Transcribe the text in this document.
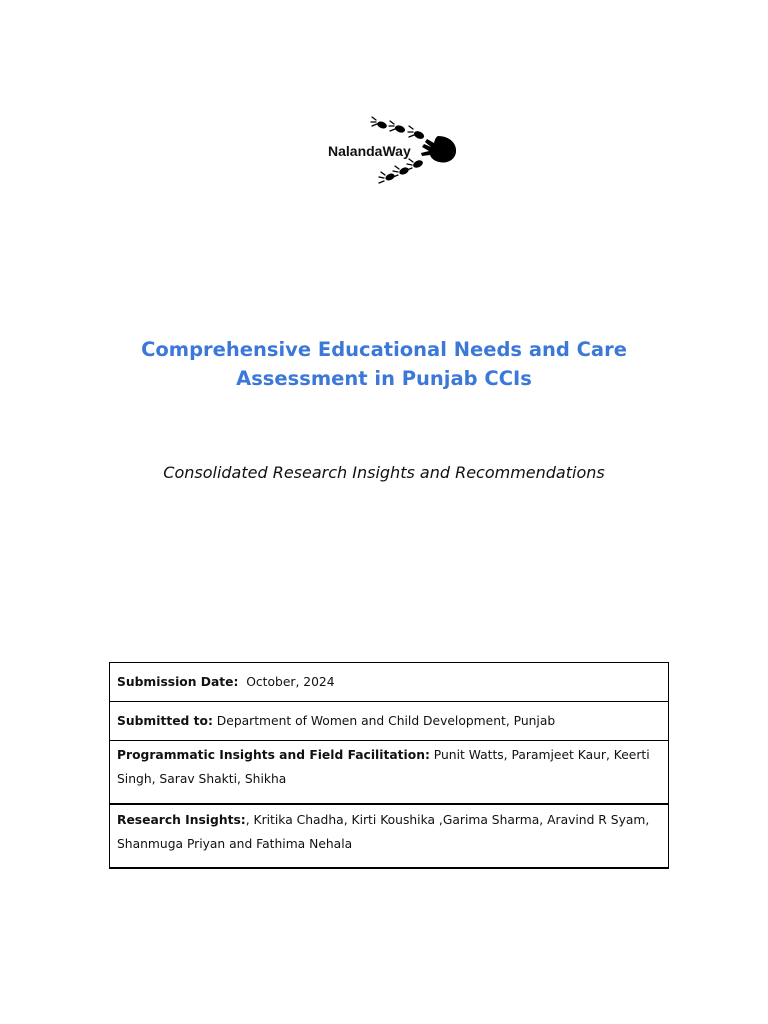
NalandaWay
Comprehensive Educational Needs and Care
Assessment in Punjab CCIs
Consolidated Research Insights and Recommendations
Submission Date:  October, 2024
Submitted to: Department of Women and Child Development, Punjab
Programmatic Insights and Field Facilitation: Punit Watts, Paramjeet Kaur, Keerti Singh, Sarav Shakti, Shikha
Research Insights:, Kritika Chadha, Kirti Koushika ,Garima Sharma, Aravind R Syam, Shanmuga Priyan and Fathima Nehala
